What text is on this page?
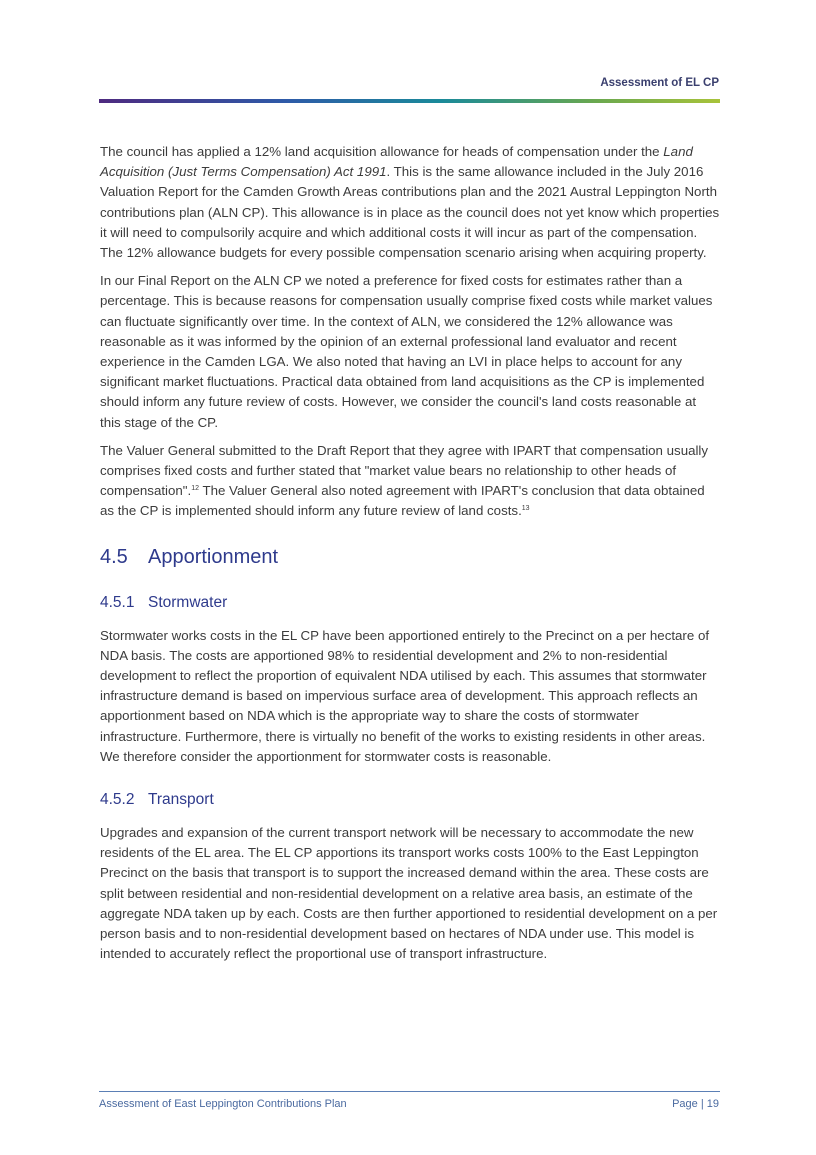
Assessment of EL CP

The council has applied a 12% land acquisition allowance for heads of compensation under the Land Acquisition (Just Terms Compensation) Act 1991. This is the same allowance included in the July 2016 Valuation Report for the Camden Growth Areas contributions plan and the 2021 Austral Leppington North contributions plan (ALN CP). This allowance is in place as the council does not yet know which properties it will need to compulsorily acquire and which additional costs it will incur as part of the compensation. The 12% allowance budgets for every possible compensation scenario arising when acquiring property.

In our Final Report on the ALN CP we noted a preference for fixed costs for estimates rather than a percentage. This is because reasons for compensation usually comprise fixed costs while market values can fluctuate significantly over time. In the context of ALN, we considered the 12% allowance was reasonable as it was informed by the opinion of an external professional land evaluator and recent experience in the Camden LGA. We also noted that having an LVI in place helps to account for any significant market fluctuations. Practical data obtained from land acquisitions as the CP is implemented should inform any future review of costs. However, we consider the council's land costs reasonable at this stage of the CP.

The Valuer General submitted to the Draft Report that they agree with IPART that compensation usually comprises fixed costs and further stated that "market value bears no relationship to other heads of compensation".$^{12}$ The Valuer General also noted agreement with IPART's conclusion that data obtained as the CP is implemented should inform any future review of land costs.$^{13}$

4.5	Apportionment
4.5.1 Stormwater

Stormwater works costs in the EL CP have been apportioned entirely to the Precinct on a per hectare of NDA basis. The costs are apportioned 98% to residential development and 2% to non-residential development to reflect the proportion of equivalent NDA utilised by each. This assumes that stormwater infrastructure demand is based on impervious surface area of development. This approach reflects an apportionment based on NDA which is the appropriate way to share the costs of stormwater infrastructure. Furthermore, there is virtually no benefit of the works to existing residents in other areas. We therefore consider the apportionment for stormwater costs is reasonable.

4.5.2 Transport

Upgrades and expansion of the current transport network will be necessary to accommodate the new residents of the EL area. The EL CP apportions its transport works costs 100% to the East Leppington Precinct on the basis that transport is to support the increased demand within the area. These costs are split between residential and non-residential development on a relative area basis, an estimate of the aggregate NDA taken up by each. Costs are then further apportioned to residential development on a per person basis and to non-residential development based on hectares of NDA under use. This model is intended to accurately reflect the proportional use of transport infrastructure.

Assessment of East Leppington Contributions Plan	Page | 19
